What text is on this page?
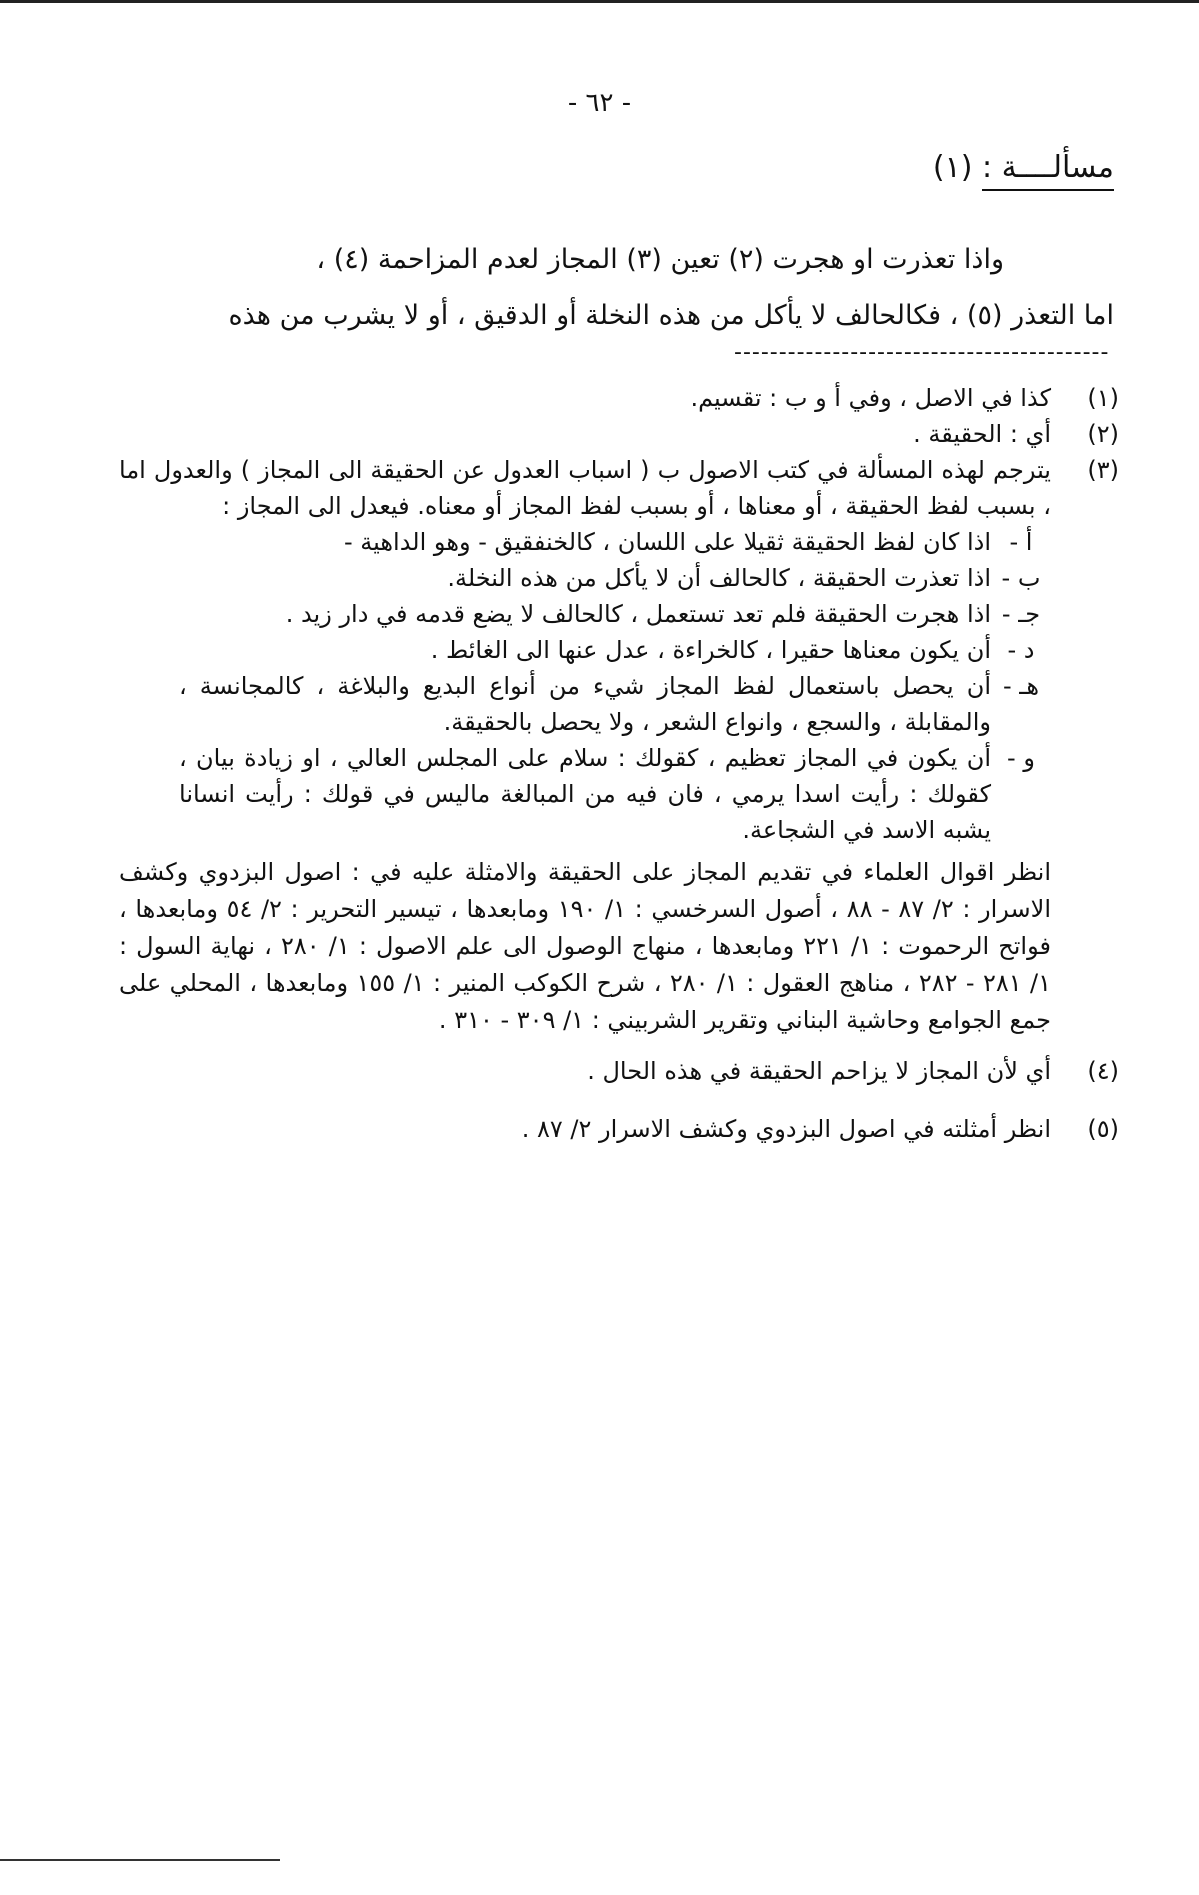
- ٦٢ -
مسألــــة : (١)

واذا تعذرت او هجرت (٢) تعين (٣) المجاز لعدم المزاحمة (٤) ،

اما التعذر (٥) ، فكالحالف لا يأكل من هذه النخلة أو الدقيق ، أو لا يشرب من هذه

------------------------------------------
(١)

كذا في الاصل ، وفي أ و ب : تقسيم.

(٢)

أي : الحقيقة .

(٣)

يترجم لهذه المسألة في كتب الاصول ب ( اسباب العدول عن الحقيقة الى المجاز ) والعدول اما ، بسبب لفظ الحقيقة ، أو معناها ، أو بسبب لفظ المجاز أو معناه. فيعدل الى المجاز :

أ -

اذا كان لفظ الحقيقة ثقيلا على اللسان ، كالخنفقيق - وهو الداهية -

ب -

اذا تعذرت الحقيقة ، كالحالف أن لا يأكل من هذه النخلة.

جـ -

اذا هجرت الحقيقة فلم تعد تستعمل ، كالحالف لا يضع قدمه في دار زيد .

د -

أن يكون معناها حقيرا ، كالخراءة ، عدل عنها الى الغائط .

هـ -

أن يحصل باستعمال لفظ المجاز شيء من أنواع البديع والبلاغة ، كالمجانسة ، والمقابلة ، والسجع ، وانواع الشعر ، ولا يحصل بالحقيقة.

و -

أن يكون في المجاز تعظيم ، كقولك : سلام على المجلس العالي ، او زيادة بيان ، كقولك : رأيت اسدا يرمي ، فان فيه من المبالغة ماليس في قولك : رأيت انسانا يشبه الاسد في الشجاعة.

انظر اقوال العلماء في تقديم المجاز على الحقيقة والامثلة عليه في : اصول البزدوي وكشف الاسرار : ٢/ ٨٧ - ٨٨ ، أصول السرخسي : ١/ ١٩٠ ومابعدها ، تيسير التحرير : ٢/ ٥٤ ومابعدها ، فواتح الرحموت : ١/ ٢٢١ ومابعدها ، منهاج الوصول الى علم الاصول : ١/ ٢٨٠ ، نهاية السول : ١/ ٢٨١ - ٢٨٢ ، مناهج العقول : ١/ ٢٨٠ ، شرح الكوكب المنير : ١/ ١٥٥ ومابعدها ، المحلي على جمع الجوامع وحاشية البناني وتقرير الشربيني : ١/ ٣٠٩ - ٣١٠ .

(٤)

أي لأن المجاز لا يزاحم الحقيقة في هذه الحال .

(٥)

انظر أمثلته في اصول البزدوي وكشف الاسرار ٢/ ٨٧ .
